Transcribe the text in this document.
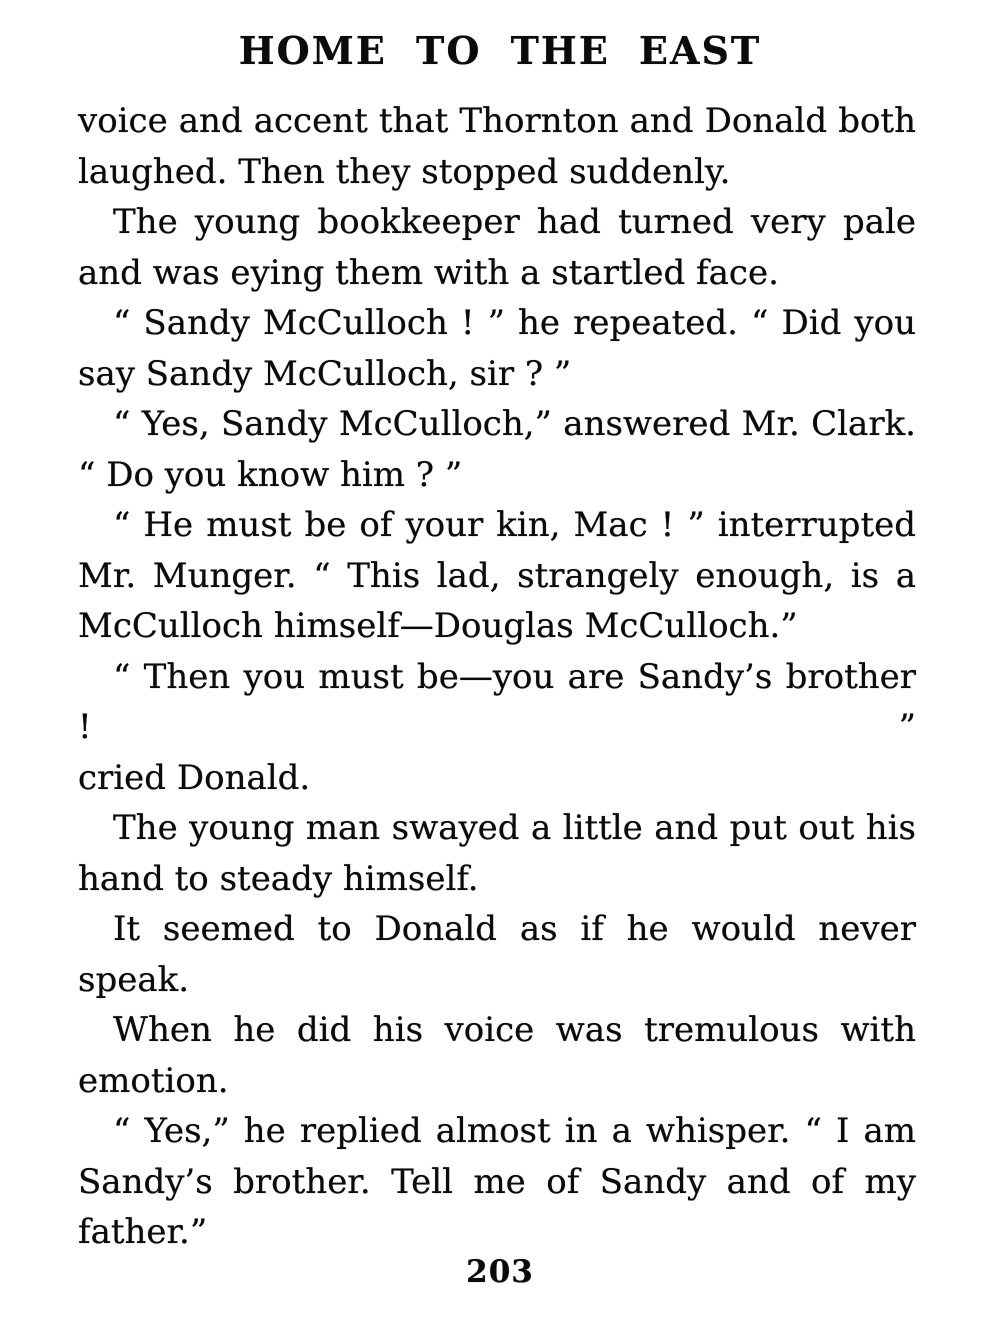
HOME TO THE EAST

voice and accent that Thornton and Donald both
laughed. Then they stopped suddenly.

The young bookkeeper had turned very pale
and was eying them with a startled face.

“ Sandy McCulloch ! ” he repeated. “ Did you
say Sandy McCulloch, sir ? ”

“ Yes, Sandy McCulloch,” answered Mr. Clark.
“ Do you know him ? ”

“ He must be of your kin, Mac ! ” interrupted
Mr. Munger. “ This lad, strangely enough, is a
McCulloch himself—Douglas McCulloch.”

“ Then you must be—you are Sandy’s brother ! ”
cried Donald.

The young man swayed a little and put out his
hand to steady himself.

It seemed to Donald as if he would never speak.

When he did his voice was tremulous with
emotion.

“ Yes,” he replied almost in a whisper. “ I am
Sandy’s brother. Tell me of Sandy and of my
father.”

203
